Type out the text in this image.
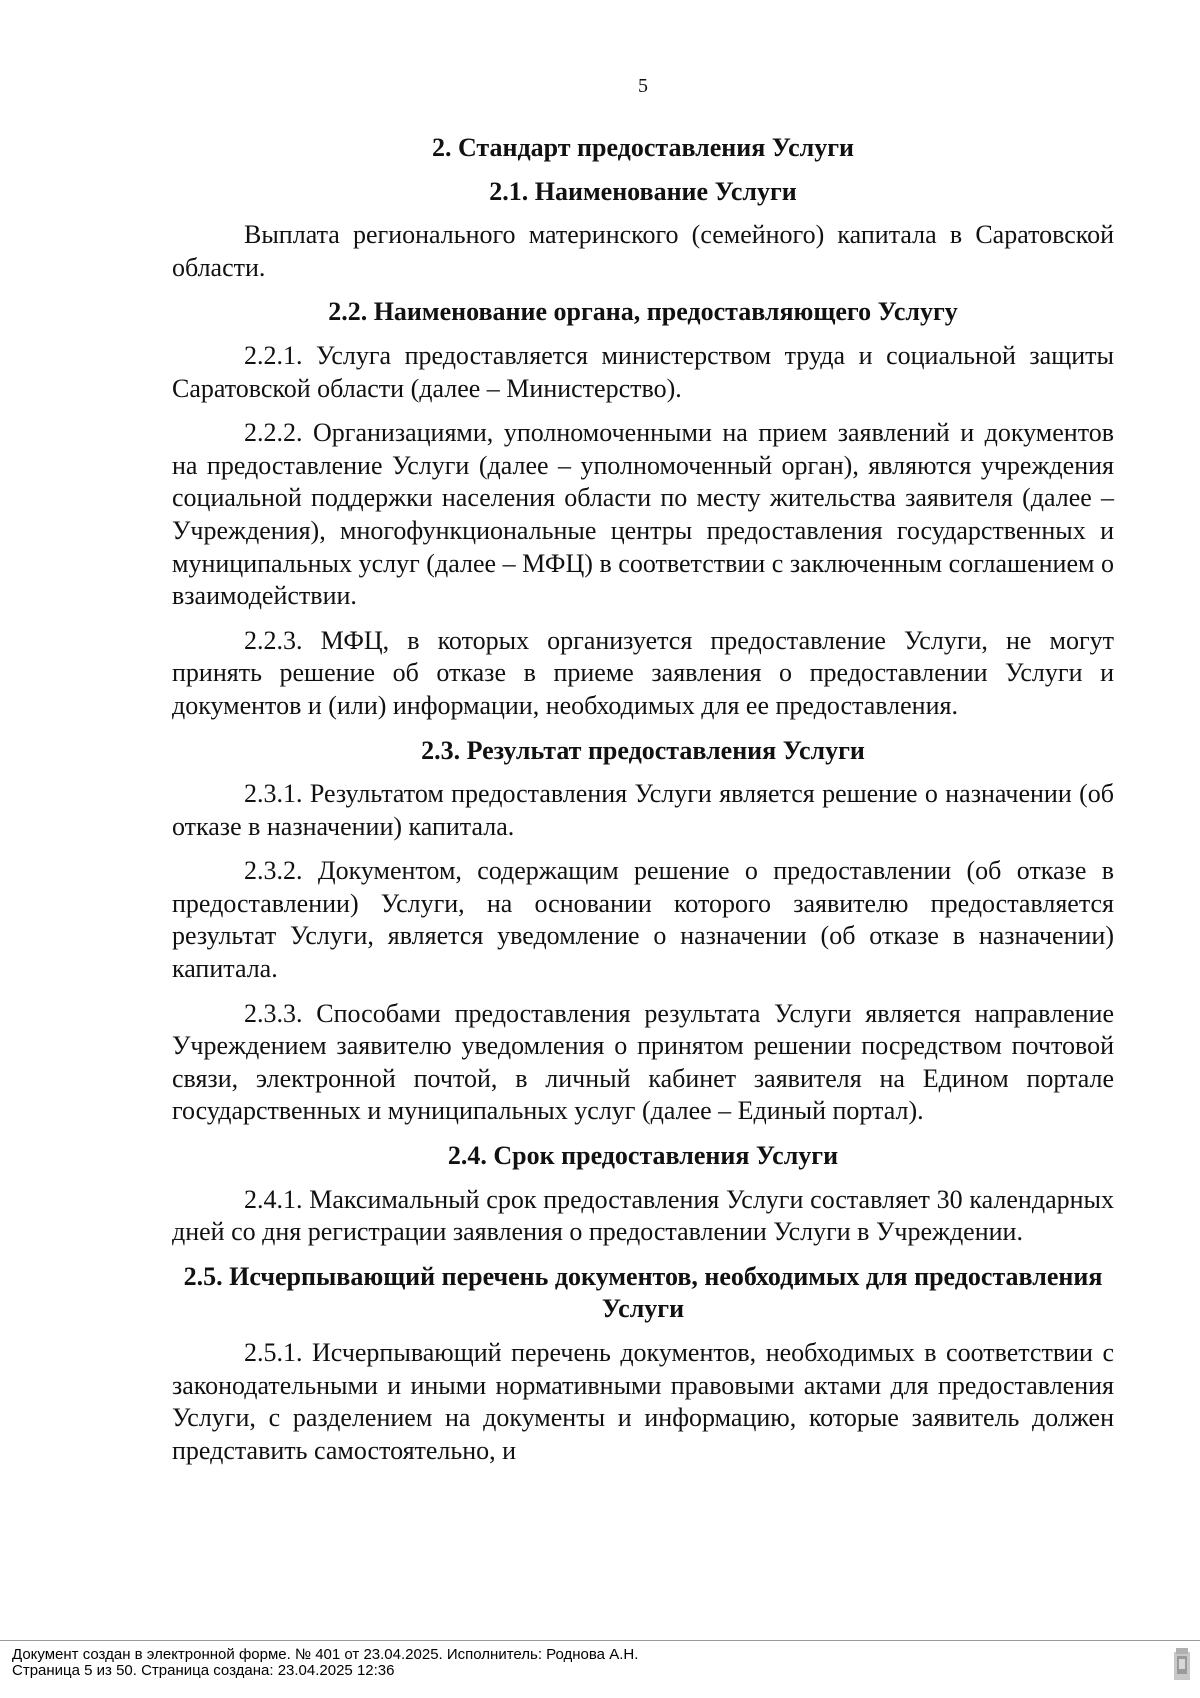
5
2. Стандарт предоставления Услуги
2.1. Наименование Услуги
Выплата регионального материнского (семейного) капитала в Саратовской области.
2.2. Наименование органа, предоставляющего Услугу
2.2.1. Услуга предоставляется министерством труда и социальной защиты Саратовской области (далее – Министерство).
2.2.2. Организациями, уполномоченными на прием заявлений и документов на предоставление Услуги (далее – уполномоченный орган), являются учреждения социальной поддержки населения области по месту жительства заявителя (далее – Учреждения), многофункциональные центры предоставления государственных и муниципальных услуг (далее – МФЦ) в соответствии с заключенным соглашением о взаимодействии.
2.2.3. МФЦ, в которых организуется предоставление Услуги, не могут принять решение об отказе в приеме заявления о предоставлении Услуги и документов и (или) информации, необходимых для ее предоставления.
2.3. Результат предоставления Услуги
2.3.1. Результатом предоставления Услуги является решение о назначении (об отказе в назначении) капитала.
2.3.2. Документом, содержащим решение о предоставлении (об отказе в предоставлении) Услуги, на основании которого заявителю предоставляется результат Услуги, является уведомление о назначении (об отказе в назначении) капитала.
2.3.3. Способами предоставления результата Услуги является направление Учреждением заявителю уведомления о принятом решении посредством почтовой связи, электронной почтой, в личный кабинет заявителя на Едином портале государственных и муниципальных услуг (далее – Единый портал).
2.4. Срок предоставления Услуги
2.4.1. Максимальный срок предоставления Услуги составляет 30 календарных дней со дня регистрации заявления о предоставлении Услуги в Учреждении.
2.5. Исчерпывающий перечень документов, необходимых для предоставления Услуги
2.5.1. Исчерпывающий перечень документов, необходимых в соответствии с законодательными и иными нормативными правовыми актами для предоставления Услуги, с разделением на документы и информацию, которые заявитель должен представить самостоятельно, и
Документ создан в электронной форме. № 401 от 23.04.2025. Исполнитель: Роднова А.Н.
Страница 5 из 50. Страница создана: 23.04.2025 12:36
